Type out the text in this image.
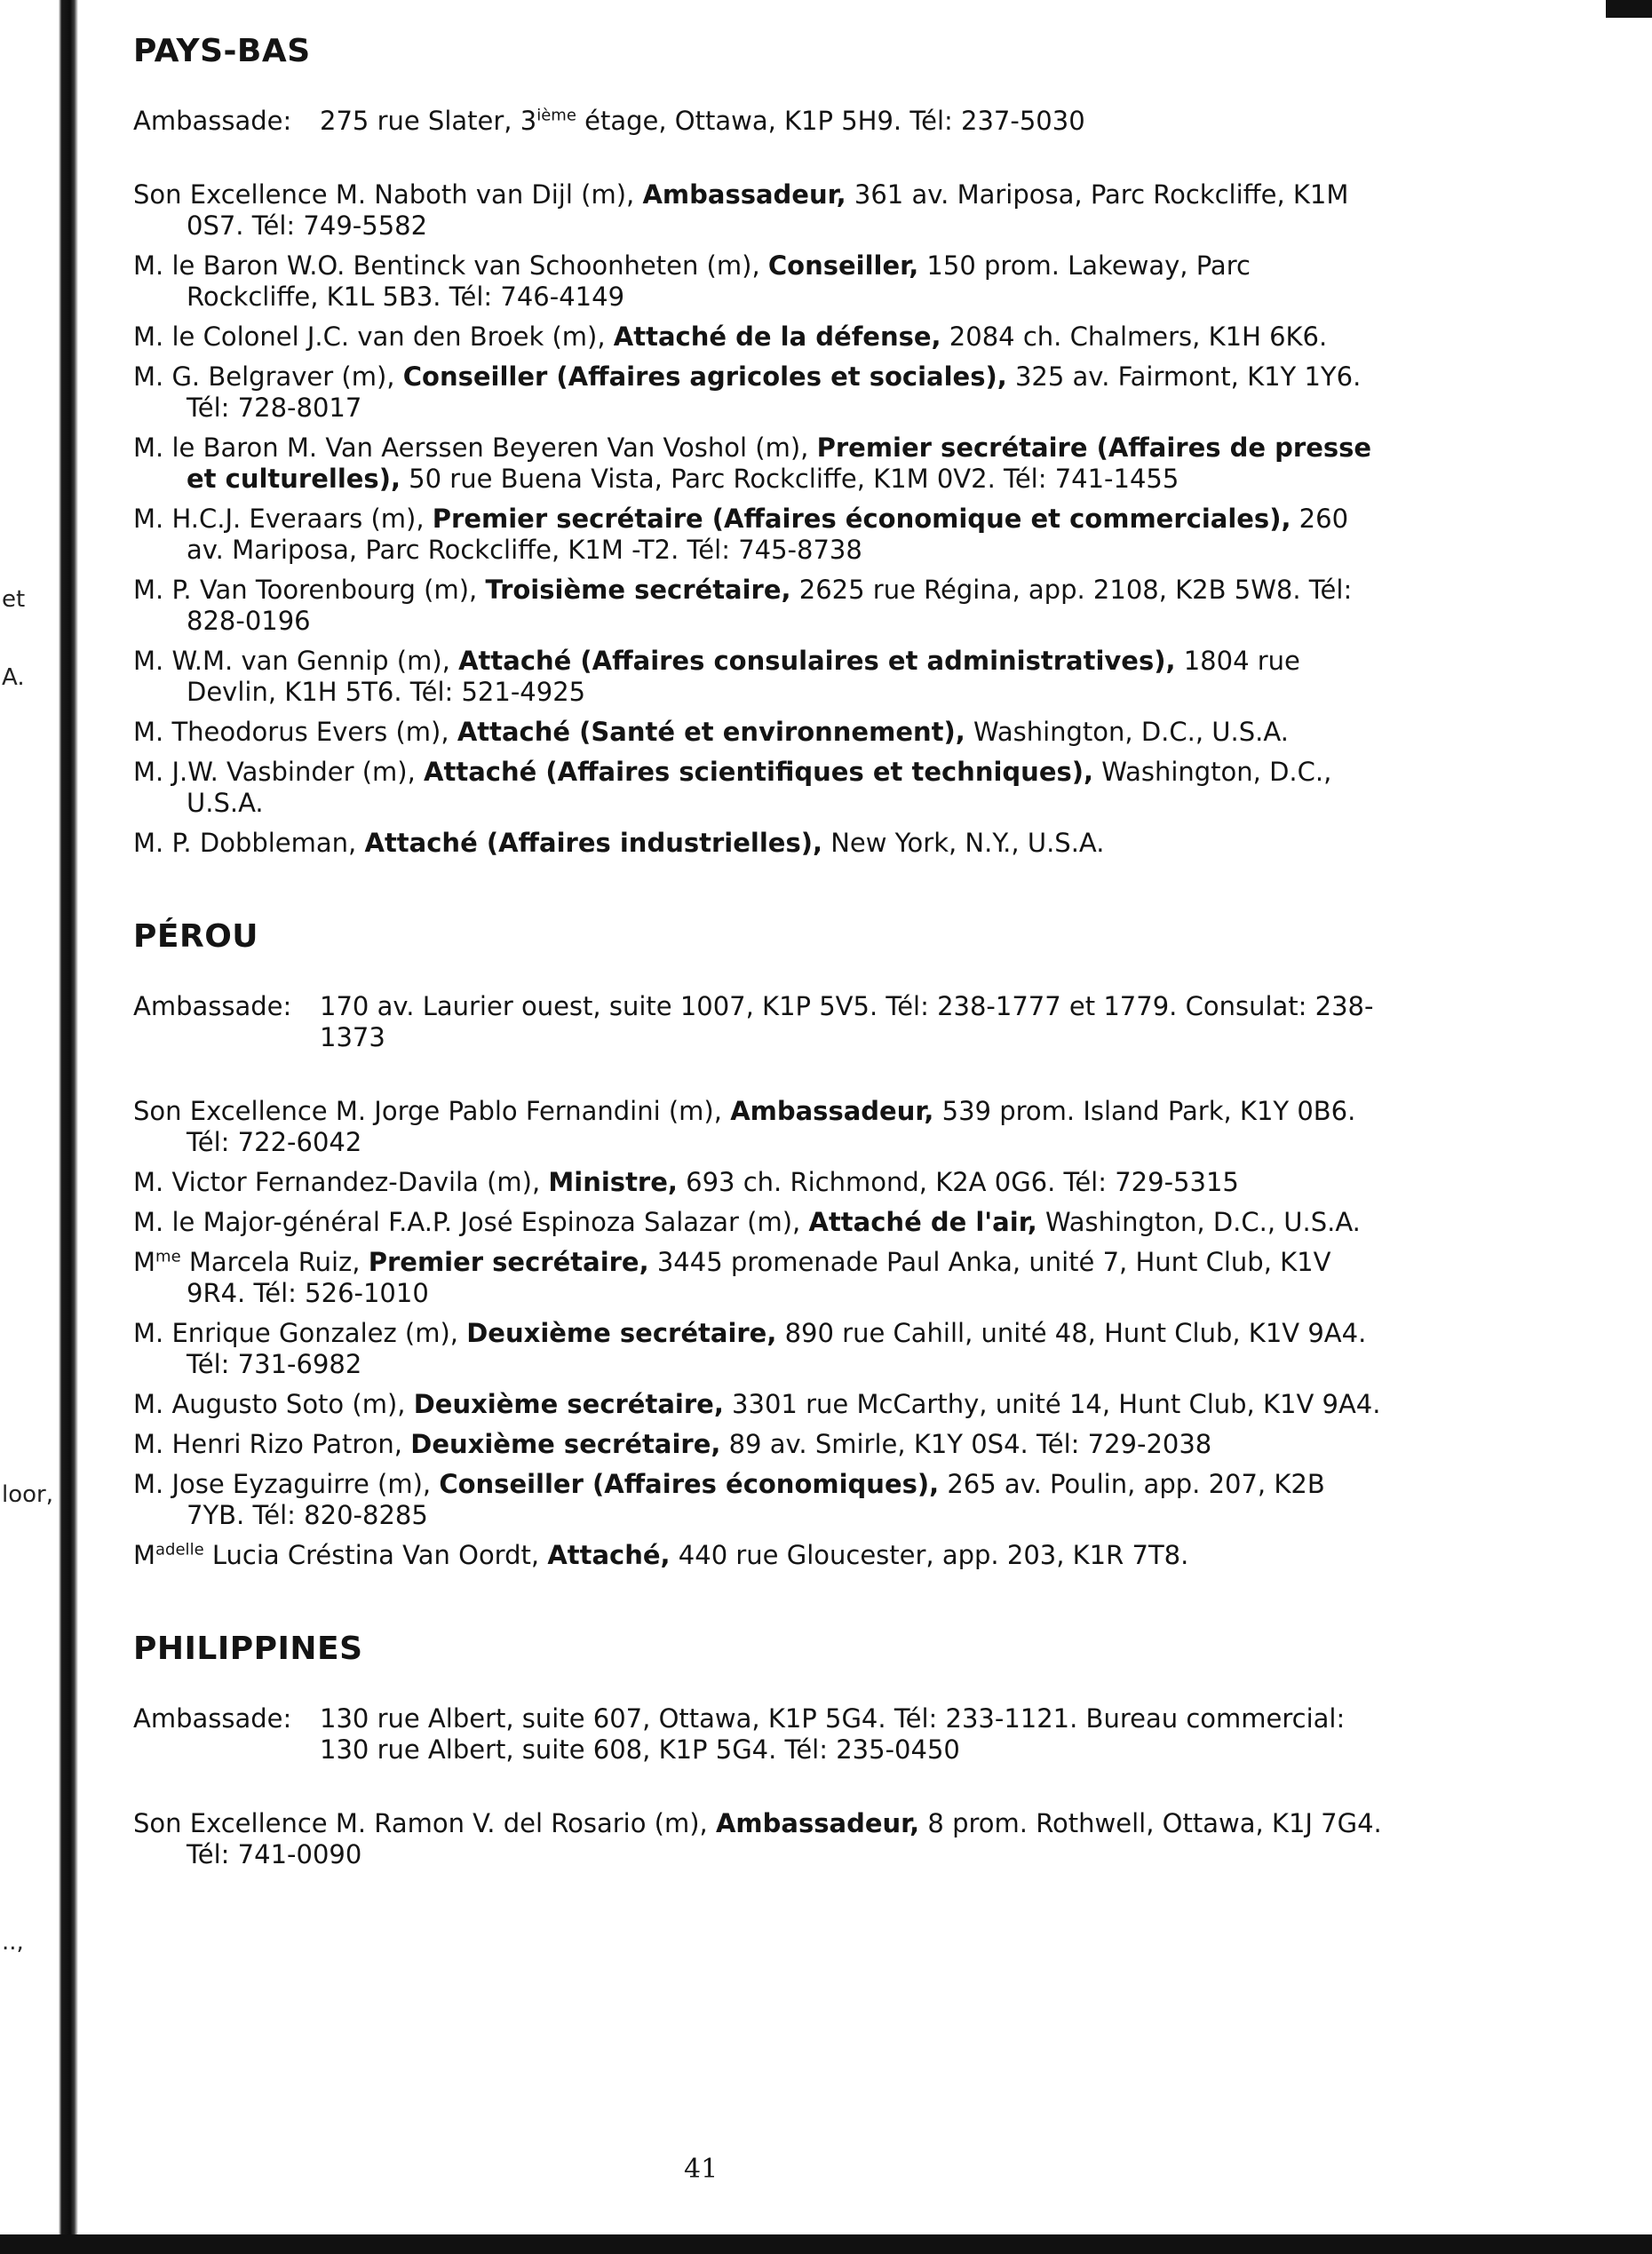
et
A.
loor,
..,
PAYS-BAS
Ambassade:	275 rue Slater, 3ième étage, Ottawa, K1P 5H9. Tél: 237-5030
Son Excellence M. Naboth van Dijl (m), Ambassadeur, 361 av. Mariposa, Parc Rockcliffe, K1M 0S7. Tél: 749-5582
M. le Baron W.O. Bentinck van Schoonheten (m), Conseiller, 150 prom. Lakeway, Parc Rockcliffe, K1L 5B3. Tél: 746-4149
M. le Colonel J.C. van den Broek (m), Attaché de la défense, 2084 ch. Chalmers, K1H 6K6.
M. G. Belgraver (m), Conseiller (Affaires agricoles et sociales), 325 av. Fairmont, K1Y 1Y6. Tél: 728-8017
M. le Baron M. Van Aerssen Beyeren Van Voshol (m), Premier secrétaire (Affaires de presse et culturelles), 50 rue Buena Vista, Parc Rockcliffe, K1M 0V2. Tél: 741-1455
M. H.C.J. Everaars (m), Premier secrétaire (Affaires économique et commerciales), 260 av. Mariposa, Parc Rockcliffe, K1M -T2. Tél: 745-8738
M. P. Van Toorenbourg (m), Troisième secrétaire, 2625 rue Régina, app. 2108, K2B 5W8. Tél: 828-0196
M. W.M. van Gennip (m), Attaché (Affaires consulaires et administratives), 1804 rue Devlin, K1H 5T6. Tél: 521-4925
M. Theodorus Evers (m), Attaché (Santé et environnement), Washington, D.C., U.S.A.
M. J.W. Vasbinder (m), Attaché (Affaires scientifiques et techniques), Washington, D.C., U.S.A.
M. P. Dobbleman, Attaché (Affaires industrielles), New York, N.Y., U.S.A.
PÉROU
Ambassade:	170 av. Laurier ouest, suite 1007, K1P 5V5. Tél: 238-1777 et 1779. Consulat: 238-1373
Son Excellence M. Jorge Pablo Fernandini (m), Ambassadeur, 539 prom. Island Park, K1Y 0B6. Tél: 722-6042
M. Victor Fernandez-Davila (m), Ministre, 693 ch. Richmond, K2A 0G6. Tél: 729-5315
M. le Major-général F.A.P. José Espinoza Salazar (m), Attaché de l'air, Washington, D.C., U.S.A.
$M^{me}$ Marcela Ruiz, Premier secrétaire, 3445 promenade Paul Anka, unité 7, Hunt Club, K1V 9R4. Tél: 526-1010
M. Enrique Gonzalez (m), Deuxième secrétaire, 890 rue Cahill, unité 48, Hunt Club, K1V 9A4. Tél: 731-6982
M. Augusto Soto (m), Deuxième secrétaire, 3301 rue McCarthy, unité 14, Hunt Club, K1V 9A4.
M. Henri Rizo Patron, Deuxième secrétaire, 89 av. Smirle, K1Y 0S4. Tél: 729-2038
M. Jose Eyzaguirre (m), Conseiller (Affaires économiques), 265 av. Poulin, app. 207, K2B 7YB. Tél: 820-8285
$M^{adelle}$ Lucia Créstina Van Oordt, Attaché, 440 rue Gloucester, app. 203, K1R 7T8.
PHILIPPINES
Ambassade:	130 rue Albert, suite 607, Ottawa, K1P 5G4. Tél: 233-1121. Bureau commercial: 130 rue Albert, suite 608, K1P 5G4. Tél: 235-0450
Son Excellence M. Ramon V. del Rosario (m), Ambassadeur, 8 prom. Rothwell, Ottawa, K1J 7G4. Tél: 741-0090
41
